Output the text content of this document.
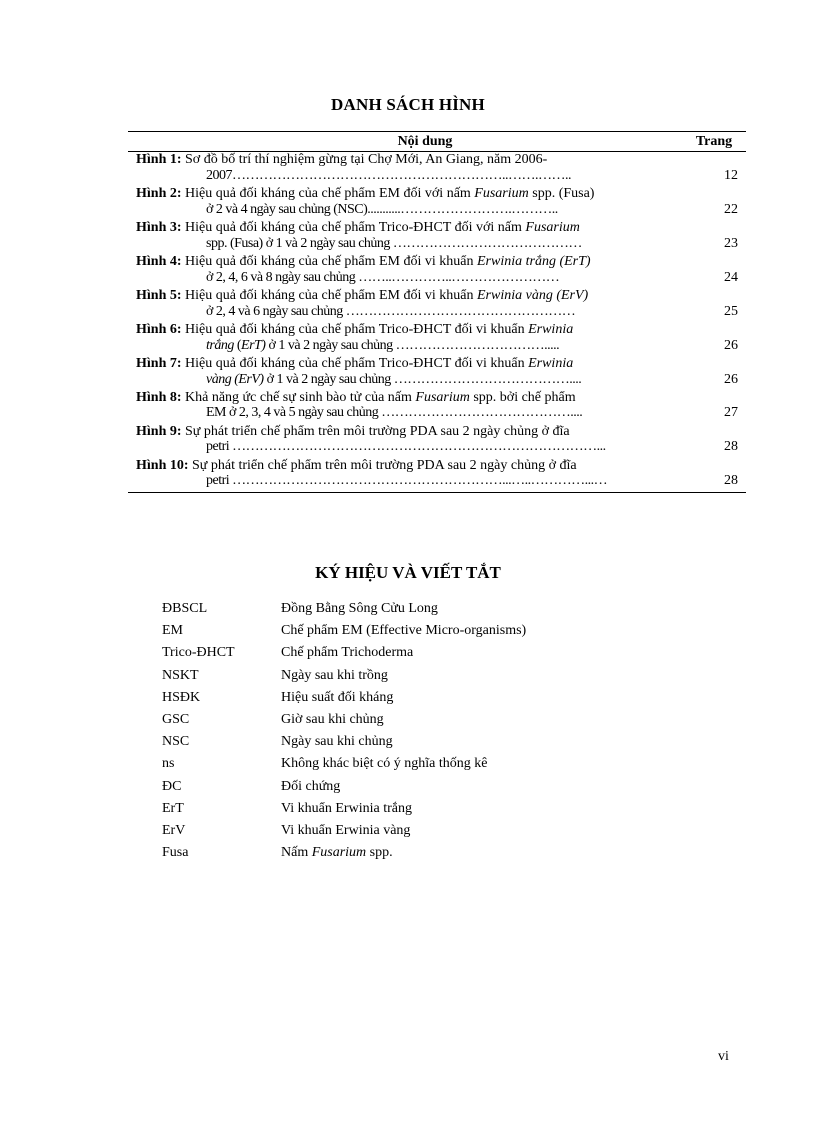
DANH SÁCH HÌNH
Nội dung	Trang
Hình 1: Sơ đồ bố trí thí nghiệm gừng tại Chợ Mới, An Giang, năm 2006-
2007……………………………………………………..…….……..	12
Hình 2: Hiệu quả đối kháng của chế phẩm EM đối với nấm Fusarium spp. (Fusa)
ở 2 và 4 ngày sau chủng (NSC)...........…………………….………..	22
Hình 3: Hiệu quả đối kháng của chế phẩm Trico-ĐHCT đối với nấm Fusarium
spp. (Fusa) ở 1 và 2 ngày sau chủng ……………………………………	23
Hình 4: Hiệu quả đối kháng của chế phẩm EM đối vi khuẩn Erwinia trắng (ErT)
ở 2, 4, 6 và 8 ngày sau chủng ……..…………..……………………	24
Hình 5: Hiệu quả đối kháng của chế phẩm EM đối vi khuẩn Erwinia vàng (ErV)
ở 2, 4 và 6 ngày sau chủng ……………………………………………	25
Hình 6: Hiệu quả đối kháng của chế phẩm Trico-ĐHCT đối vi khuẩn Erwinia
trắng (ErT) ở 1 và 2 ngày sau chủng …………………………….....	26
Hình 7: Hiệu quả đối kháng của chế phẩm Trico-ĐHCT đối vi khuẩn Erwinia
vàng (ErV) ở 1 và 2 ngày sau chủng …………………………………....	26
Hình 8: Khả năng ức chế sự sinh bào tử của nấm Fusarium spp. bởi chế phẩm
EM ở 2, 3, 4 và 5 ngày sau chủng ……………………………………....	27
Hình 9: Sự phát triển chế phẩm trên môi trường PDA sau 2 ngày chủng ở đĩa
petri ………………………………………………………………………...	28
Hình 10: Sự phát triển chế phẩm trên môi trường PDA sau 2 ngày chủng ở đĩa
petri ……………………………………………………...…..…………...…	28
KÝ HIỆU VÀ VIẾT TẮT
ĐBSCL	Đồng Bằng Sông Cửu Long
EM	Chế phẩm EM (Effective Micro-organisms)
Trico-ĐHCT	Chế phẩm Trichoderma
NSKT	Ngày sau khi trồng
HSĐK	Hiệu suất đối kháng
GSC	Giờ sau khi chủng
NSC	Ngày sau khi chủng
ns	Không khác biệt có ý nghĩa thống kê
ĐC	Đối chứng
ErT	Vi khuẩn Erwinia trắng
ErV	Vi khuẩn Erwinia vàng
Fusa	Nấm Fusarium spp.
vi
